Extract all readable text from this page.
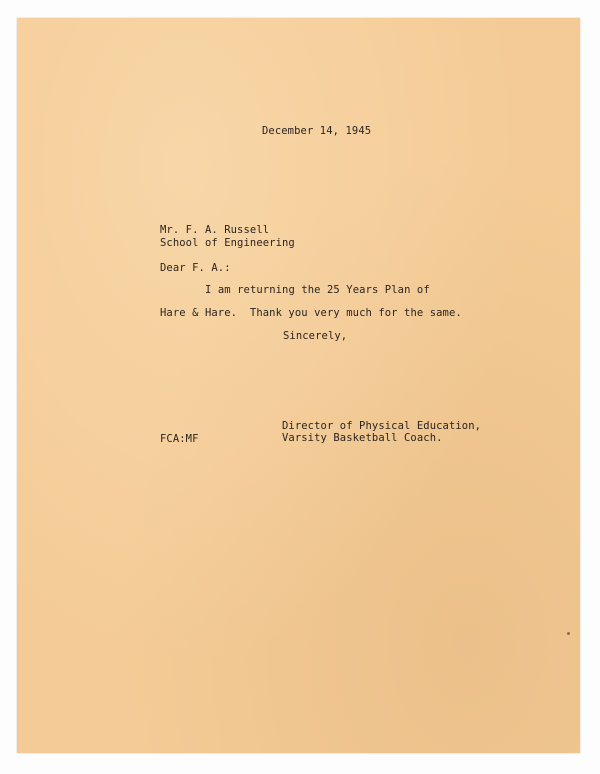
December 14, 1945
Mr. F. A. Russell
School of Engineering
Dear F. A.:
I am returning the 25 Years Plan of
Hare & Hare.  Thank you very much for the same.
Sincerely,
Director of Physical Education,
Varsity Basketball Coach.
FCA:MF
